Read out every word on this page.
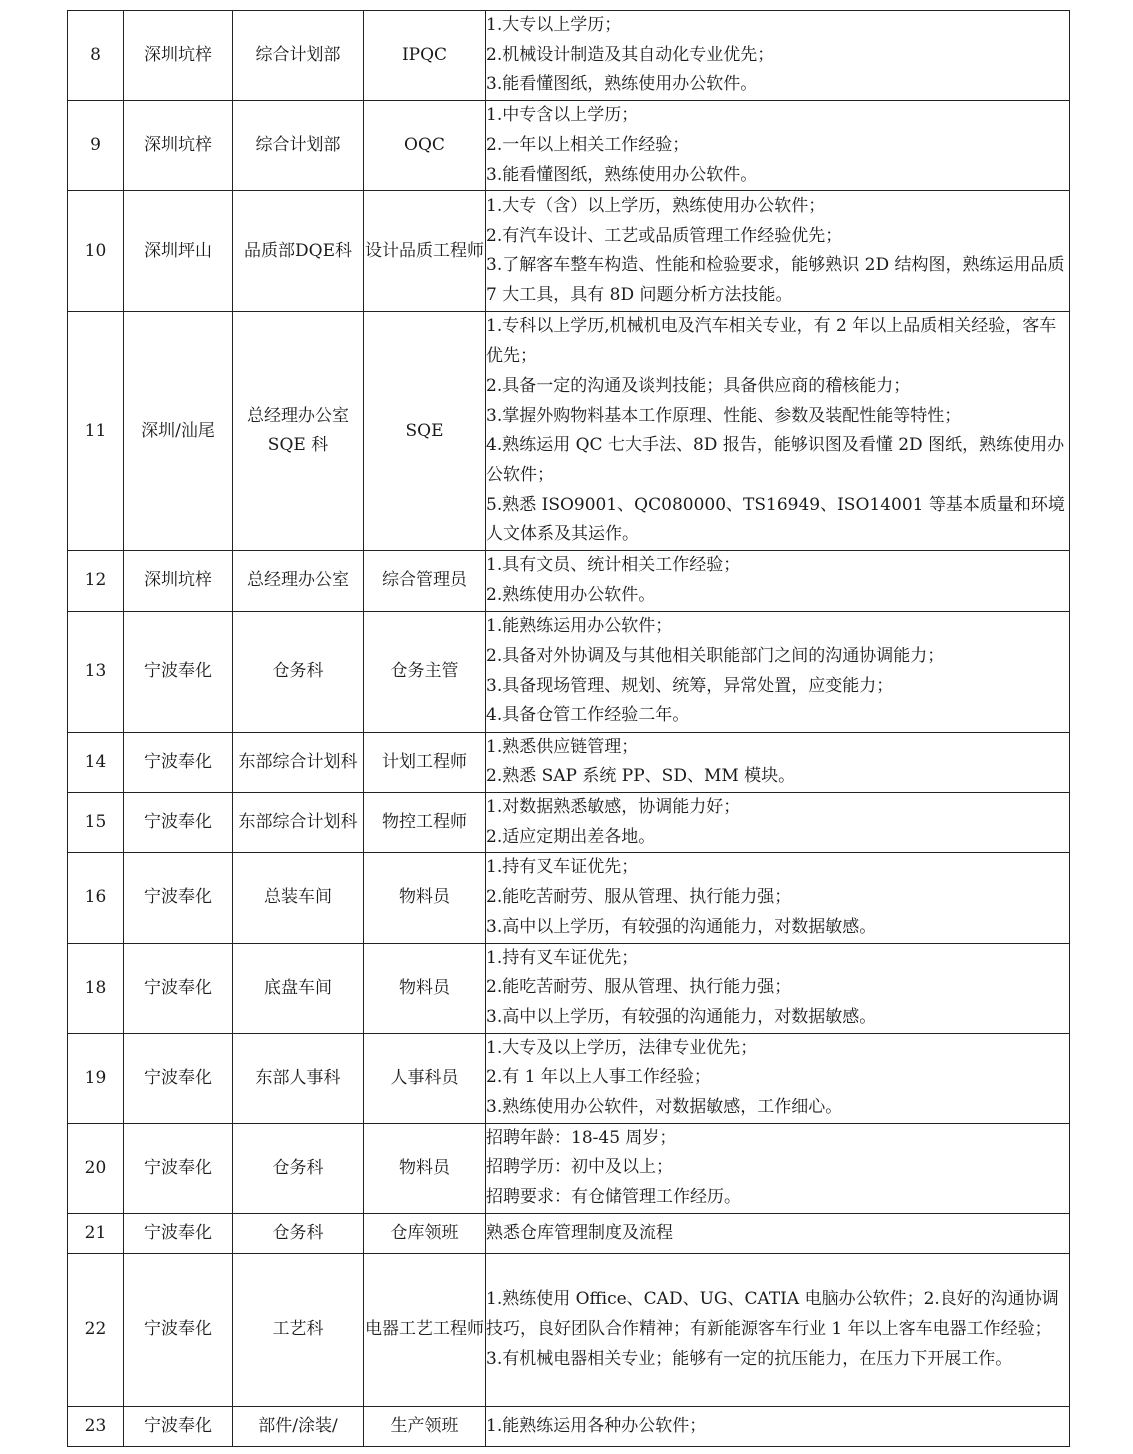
8	深圳坑梓	综合计划部	IPQC	1.大专以上学历；
2.机械设计制造及其自动化专业优先；
3.能看懂图纸，熟练使用办公软件。

9	深圳坑梓	综合计划部	OQC	1.中专含以上学历；
2.一年以上相关工作经验；
3.能看懂图纸，熟练使用办公软件。

10	深圳坪山	品质部DQE科	设计品质工程师	1.大专（含）以上学历，熟练使用办公软件；
2.有汽车设计、工艺或品质管理工作经验优先；
3.了解客车整车构造、性能和检验要求，能够熟识 2D 结构图，熟练运用品质 7 大工具，具有 8D 问题分析方法技能。

11	深圳/汕尾	总经理办公室 SQE 科	SQE	1.专科以上学历,机械机电及汽车相关专业，有 2 年以上品质相关经验，客车优先；
2.具备一定的沟通及谈判技能；具备供应商的稽核能力；
3.掌握外购物料基本工作原理、性能、参数及装配性能等特性；
4.熟练运用 QC 七大手法、8D 报告，能够识图及看懂 2D 图纸，熟练使用办公软件；
5.熟悉 ISO9001、QC080000、TS16949、ISO14001 等基本质量和环境人文体系及其运作。

12	深圳坑梓	总经理办公室	综合管理员	1.具有文员、统计相关工作经验；
2.熟练使用办公软件。

13	宁波奉化	仓务科	仓务主管	1.能熟练运用办公软件；
2.具备对外协调及与其他相关职能部门之间的沟通协调能力；
3.具备现场管理、规划、统筹，异常处置，应变能力；
4.具备仓管工作经验二年。

14	宁波奉化	东部综合计划科	计划工程师	1.熟悉供应链管理；
2.熟悉 SAP 系统 PP、SD、MM 模块。

15	宁波奉化	东部综合计划科	物控工程师	1.对数据熟悉敏感，协调能力好；
2.适应定期出差各地。

16	宁波奉化	总装车间	物料员	1.持有叉车证优先；
2.能吃苦耐劳、服从管理、执行能力强；
3.高中以上学历，有较强的沟通能力，对数据敏感。

18	宁波奉化	底盘车间	物料员	1.持有叉车证优先；
2.能吃苦耐劳、服从管理、执行能力强；
3.高中以上学历，有较强的沟通能力，对数据敏感。

19	宁波奉化	东部人事科	人事科员	1.大专及以上学历，法律专业优先；
2.有 1 年以上人事工作经验；
3.熟练使用办公软件，对数据敏感，工作细心。

20	宁波奉化	仓务科	物料员	招聘年龄：18-45 周岁；
招聘学历：初中及以上；
招聘要求：有仓储管理工作经历。

21	宁波奉化	仓务科	仓库领班	熟悉仓库管理制度及流程

22	宁波奉化	工艺科	电器工艺工程师	1.熟练使用 Office、CAD、UG、CATIA 电脑办公软件；2.良好的沟通协调技巧，良好团队合作精神；有新能源客车行业 1 年以上客车电器工作经验；
3.有机械电器相关专业；能够有一定的抗压能力，在压力下开展工作。

23	宁波奉化	部件/涂装/	生产领班	1.能熟练运用各种办公软件；
